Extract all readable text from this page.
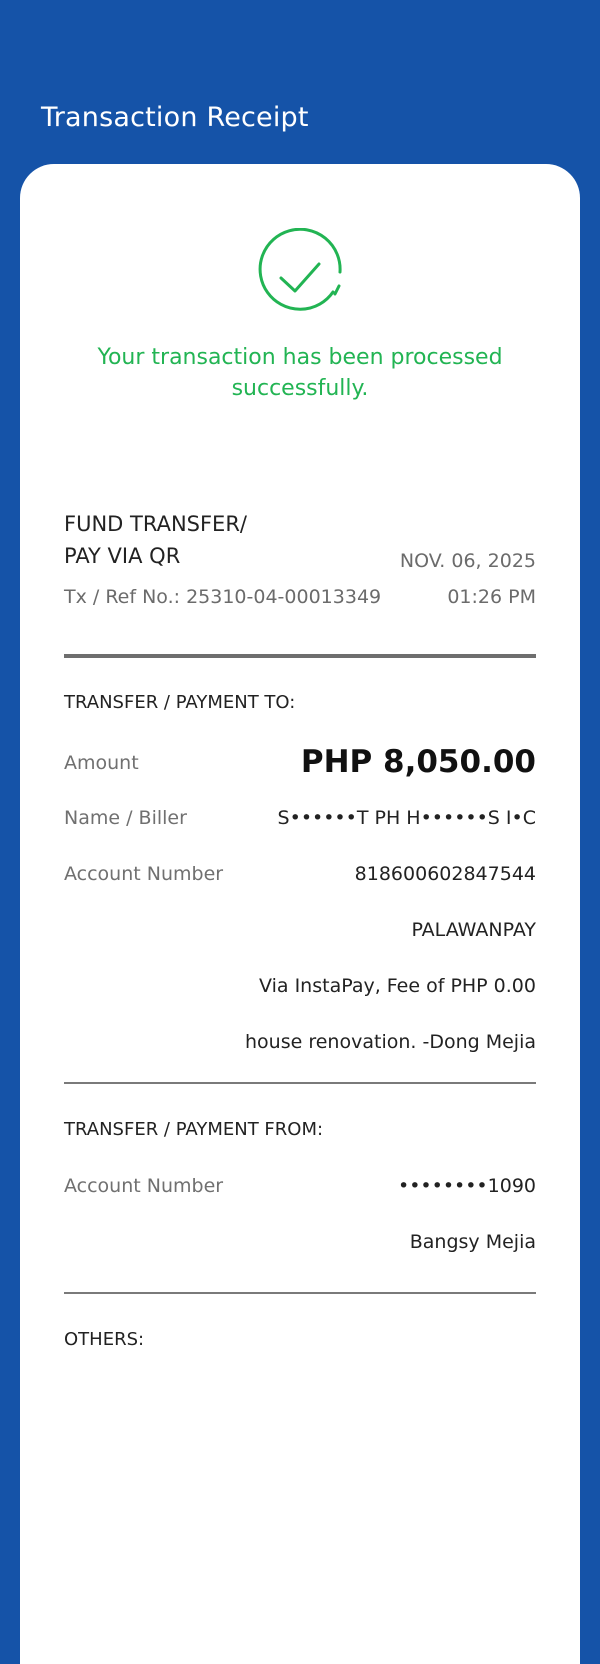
Transaction Receipt
Your transaction has been processed successfully.
FUND TRANSFER/
PAY VIA QR	NOV. 06, 2025
Tx / Ref No.: 25310-04-00013349	01:26 PM
TRANSFER / PAYMENT TO:
Amount	PHP 8,050.00
Name / Biller	S••••••T PH H••••••S I•C
Account Number	818600602847544
PALAWANPAY
Via InstaPay, Fee of PHP 0.00
house renovation. -Dong Mejia
TRANSFER / PAYMENT FROM:
Account Number	••••••••1090
Bangsy Mejia
OTHERS:
